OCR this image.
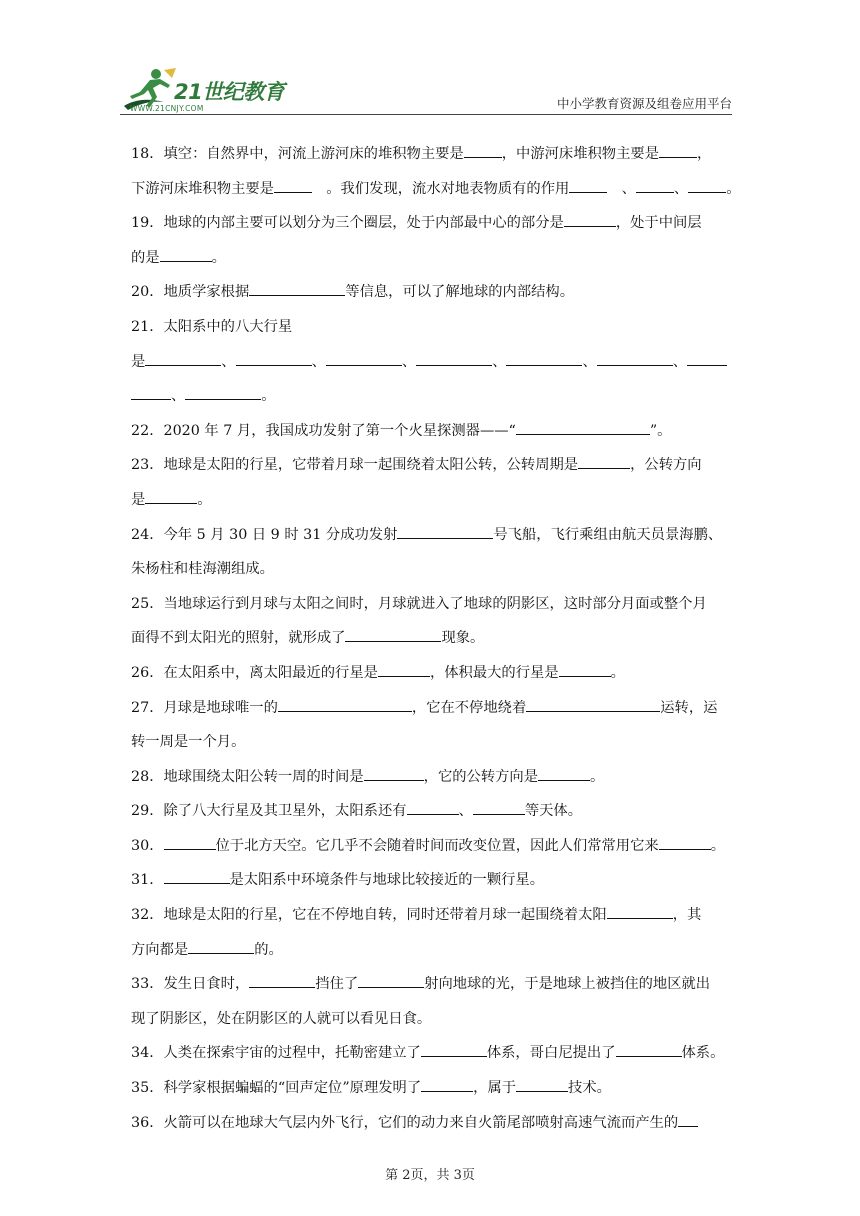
21世纪教育
WWW.21CNJY.COM	中小学教育资源及组卷应用平台
18．填空：自然界中，河流上游河床的堆积物主要是	，中游河床堆积物主要是	，
下游河床堆积物主要是	　。我们发现，流水对地表物质有的作用	　、	、	。
19．地球的内部主要可以划分为三个圈层，处于内部最中心的部分是	，处于中间层
的是	。
20．地质学家根据	等信息，可以了解地球的内部结构。
21．太阳系中的八大行星
是	、	、	、	、	、	、
、	。
22．2020 年 7 月，我国成功发射了第一个火星探测器——“	”。
23．地球是太阳的行星，它带着月球一起围绕着太阳公转，公转周期是	，公转方向
是	。
24．今年 5 月 30 日 9 时 31 分成功发射	号飞船，飞行乘组由航天员景海鹏、
朱杨柱和桂海潮组成。
25．当地球运行到月球与太阳之间时，月球就进入了地球的阴影区，这时部分月面或整个月
面得不到太阳光的照射，就形成了	现象。
26．在太阳系中，离太阳最近的行星是	，体积最大的行星是	。
27．月球是地球唯一的	，它在不停地绕着	运转，运
转一周是一个月。
28．地球围绕太阳公转一周的时间是	，它的公转方向是	。
29．除了八大行星及其卫星外，太阳系还有	、	等天体。
30．	位于北方天空。它几乎不会随着时间而改变位置，因此人们常常用它来	。
31．	是太阳系中环境条件与地球比较接近的一颗行星。
32．地球是太阳的行星，它在不停地自转，同时还带着月球一起围绕着太阳	，其
方向都是	的。
33．发生日食时，	挡住了	射向地球的光，于是地球上被挡住的地区就出
现了阴影区，处在阴影区的人就可以看见日食。
34．人类在探索宇宙的过程中，托勒密建立了	体系，哥白尼提出了	体系。
35．科学家根据蝙蝠的“回声定位”原理发明了	，属于	技术。
36．火箭可以在地球大气层内外飞行，它们的动力来自火箭尾部喷射高速气流而产生的
第 2页，共 3页
